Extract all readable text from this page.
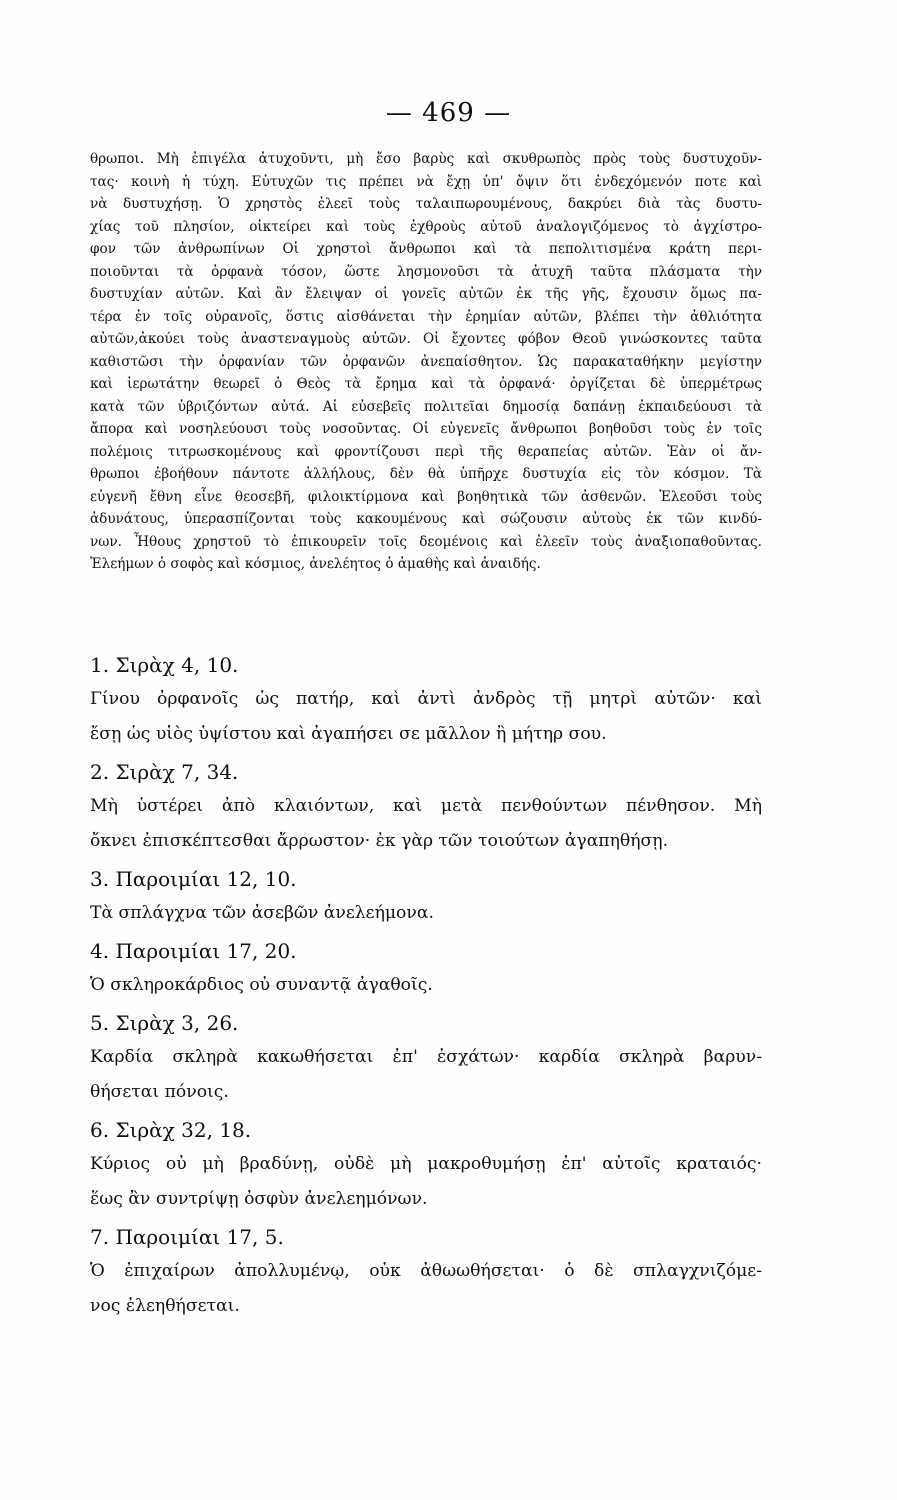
— 469 —
θρωποι. Μὴ ἐπιγέλα ἀτυχοῦντι, μὴ ἔσο βαρὺς καὶ σκυθρωπὸς πρὸς τοὺς δυστυχοῦν-
τας· κοινὴ ἡ τύχη. Εὐτυχῶν τις πρέπει νὰ ἔχῃ ὑπ' ὄψιν ὅτι ἐνδεχόμενόν ποτε καὶ
νὰ δυστυχήσῃ. Ὁ χρηστὸς ἐλεεῖ τοὺς ταλαιπωρουμένους, δακρύει διὰ τὰς δυστυ-
χίας τοῦ πλησίον, οἰκτείρει καὶ τοὺς ἐχθροὺς αὐτοῦ ἀναλογιζόμενος τὸ ἀγχίστρο-
φον τῶν ἀνθρωπίνων Οἱ χρηστοὶ ἄνθρωποι καὶ τὰ πεπολιτισμένα κράτη περι-
ποιοῦνται τὰ ὀρφανὰ τόσον, ὥστε λησμονοῦσι τὰ ἀτυχῆ ταῦτα πλάσματα τὴν
δυστυχίαν αὐτῶν. Καὶ ἂν ἔλειψαν οἱ γονεῖς αὐτῶν ἐκ τῆς γῆς, ἔχουσιν ὅμως πα-
τέρα ἐν τοῖς οὐρανοῖς, ὅστις αἰσθάνεται τὴν ἐρημίαν αὐτῶν, βλέπει τὴν ἀθλιότητα
αὐτῶν,ἀκούει τοὺς ἀναστεναγμοὺς αὐτῶν. Οἱ ἔχοντες φόβον Θεοῦ γινώσκοντες ταῦτα
καθιστῶσι τὴν ὀρφανίαν τῶν ὀρφανῶν ἀνεπαίσθητον. Ὡς παρακαταθήκην μεγίστην
καὶ ἱερωτάτην θεωρεῖ ὁ Θεὸς τὰ ἔρημα καὶ τὰ ὀρφανά· ὀργίζεται δὲ ὑπερμέτρως
κατὰ τῶν ὑβριζόντων αὐτά. Αἱ εὐσεβεῖς πολιτεῖαι δημοσίᾳ δαπάνῃ ἐκπαιδεύουσι τὰ
ἄπορα καὶ νοσηλεύουσι τοὺς νοσοῦντας. Οἱ εὐγενεῖς ἄνθρωποι βοηθοῦσι τοὺς ἐν τοῖς
πολέμοις τιτρωσκομένους καὶ φροντίζουσι περὶ τῆς θεραπείας αὐτῶν. Ἐὰν οἱ ἄν-
θρωποι ἐβοήθουν πάντοτε ἀλλήλους, δὲν θὰ ὑπῆρχε δυστυχία εἰς τὸν κόσμον. Τὰ
εὐγενῆ ἔθνη εἶνε θεοσεβῆ, φιλοικτίρμονα καὶ βοηθητικὰ τῶν ἀσθενῶν. Ἐλεοῦσι τοὺς
ἀδυνάτους, ὑπερασπίζονται τοὺς κακουμένους καὶ σώζουσιν αὐτοὺς ἐκ τῶν κινδύ-
νων. Ἦθους χρηστοῦ τὸ ἐπικουρεῖν τοῖς δεομένοις καὶ ἐλεεῖν τοὺς ἀναξιοπαθοῦντας.
Ἐλεήμων ὁ σοφὸς καὶ κόσμιος, ἀνελέητος ὁ ἀμαθὴς καὶ ἀναιδής.
1. Σιρὰχ 4, 10.
Γίνου ὀρφανοῖς ὡς πατήρ, καὶ ἀντὶ ἀνδρὸς τῇ μητρὶ αὐτῶν· καὶ
ἔσῃ ὡς υἱὸς ὑψίστου καὶ ἀγαπήσει σε μᾶλλον ἢ μήτηρ σου.
2. Σιρὰχ 7, 34.
Μὴ ὑστέρει ἀπὸ κλαιόντων, καὶ μετὰ πενθούντων πένθησον. Μὴ
ὄκνει ἐπισκέπτεσθαι ἄρρωστον· ἐκ γὰρ τῶν τοιούτων ἀγαπηθήσῃ.
3. Παροιμίαι 12, 10.
Τὰ σπλάγχνα τῶν ἀσεβῶν ἀνελεήμονα.
4. Παροιμίαι 17, 20.
Ὁ σκληροκάρδιος οὐ συναντᾷ ἀγαθοῖς.
5. Σιρὰχ 3, 26.
Καρδία σκληρὰ κακωθήσεται ἐπ' ἐσχάτων· καρδία σκληρὰ βαρυν-
θήσεται πόνοις.
6. Σιρὰχ 32, 18.
Κύριος οὐ μὴ βραδύνῃ, οὐδὲ μὴ μακροθυμήσῃ ἐπ' αὐτοῖς κραταιός·
ἕως ἂν συντρίψῃ ὀσφὺν ἀνελεημόνων.
7. Παροιμίαι 17, 5.
Ὁ ἐπιχαίρων ἀπολλυμένῳ, οὐκ ἀθωωθήσεται· ὁ δὲ σπλαγχνιζόμε-
νος ἐλεηθήσεται.
